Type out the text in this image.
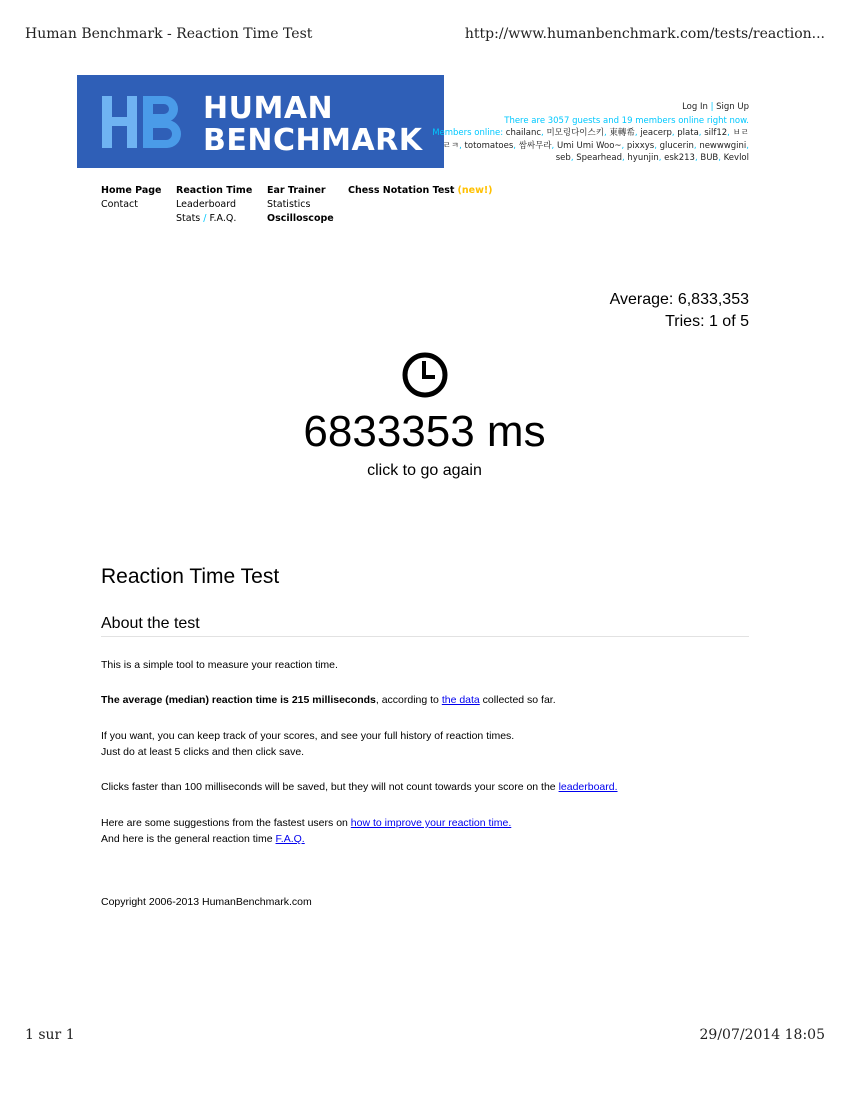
Human Benchmark - Reaction Time Test	http://www.humanbenchmark.com/tests/reaction...
HUMAN
BENCHMARK
Log In | Sign Up
There are 3057 guests and 19 members online right now.
Members online: chailanc, 미모링다이스키, 東轉希, jeacerp, plata, silf12, ㅂㄹㄹㅋ, totomatoes, 쌈싸무라, Umi Umi Woo~, pixxys, glucerin, newwwgini, seb, Spearhead, hyunjin, esk213, BUB, Kevlol
Home Page
Contact
Reaction Time
Leaderboard
Stats / F.A.Q.
Ear Trainer
Statistics
Oscilloscope
Chess Notation Test (new!)
Average: 6,833,353
Tries: 1 of 5
6833353 ms
click to go again
Reaction Time Test
About the test

This is a simple tool to measure your reaction time.

The average (median) reaction time is 215 milliseconds, according to the data collected so far.

If you want, you can keep track of your scores, and see your full history of reaction times.
Just do at least 5 clicks and then click save.

Clicks faster than 100 milliseconds will be saved, but they will not count towards your score on the leaderboard.

Here are some suggestions from the fastest users on how to improve your reaction time.
And here is the general reaction time F.A.Q.

Copyright 2006-2013 HumanBenchmark.com

1 sur 1	29/07/2014 18:05
